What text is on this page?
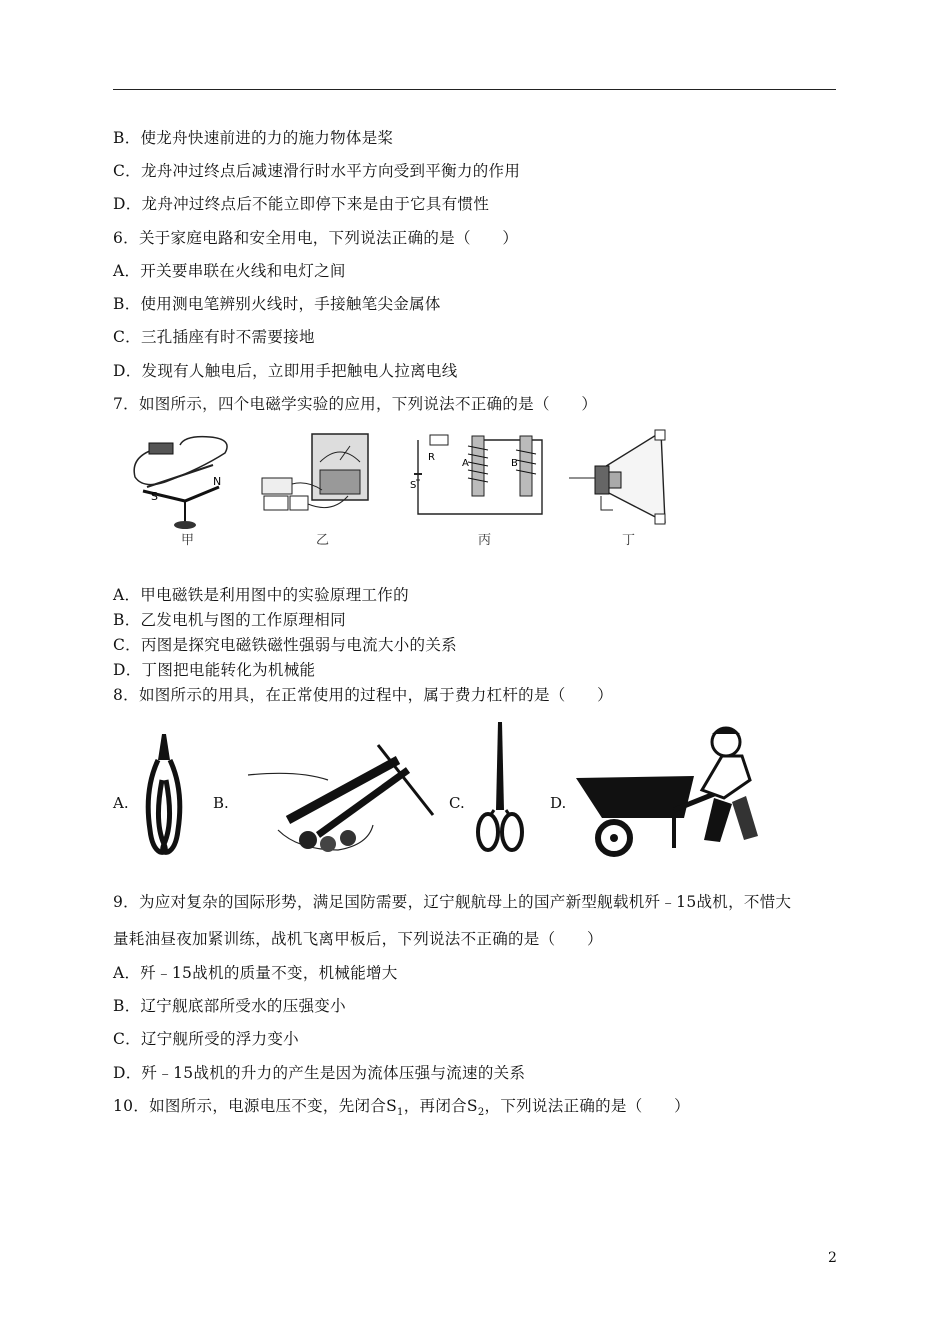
B．使龙舟快速前进的力的施力物体是桨
C．龙舟冲过终点后减速滑行时水平方向受到平衡力的作用
D．龙舟冲过终点后不能立即停下来是由于它具有惯性
6．关于家庭电路和安全用电，下列说法正确的是（　　）
A．开关要串联在火线和电灯之间
B．使用测电笔辨别火线时，手接触笔尖金属体
C．三孔插座有时不需要接地
D．发现有人触电后，立即用手把触电人拉离电线
7．如图所示，四个电磁学实验的应用，下列说法不正确的是（　　）
S
N
R
S
A	B
甲	乙	丙	丁
A．甲电磁铁是利用图中的实验原理工作的
B．乙发电机与图的工作原理相同
C．丙图是探究电磁铁磁性强弱与电流大小的关系
D．丁图把电能转化为机械能
8．如图所示的用具，在正常使用的过程中，属于费力杠杆的是（　　）
A.	B.	C.	D.
9．为应对复杂的国际形势，满足国防需要，辽宁舰航母上的国产新型舰载机歼﹣15战机，不惜大
量耗油昼夜加紧训练，战机飞离甲板后，下列说法不正确的是（　　）
A．歼﹣15战机的质量不变，机械能增大
B．辽宁舰底部所受水的压强变小
C．辽宁舰所受的浮力变小
D．歼﹣15战机的升力的产生是因为流体压强与流速的关系
10．如图所示，电源电压不变，先闭合$S_1$，再闭合$S_2$，下列说法正确的是（　　）
2
